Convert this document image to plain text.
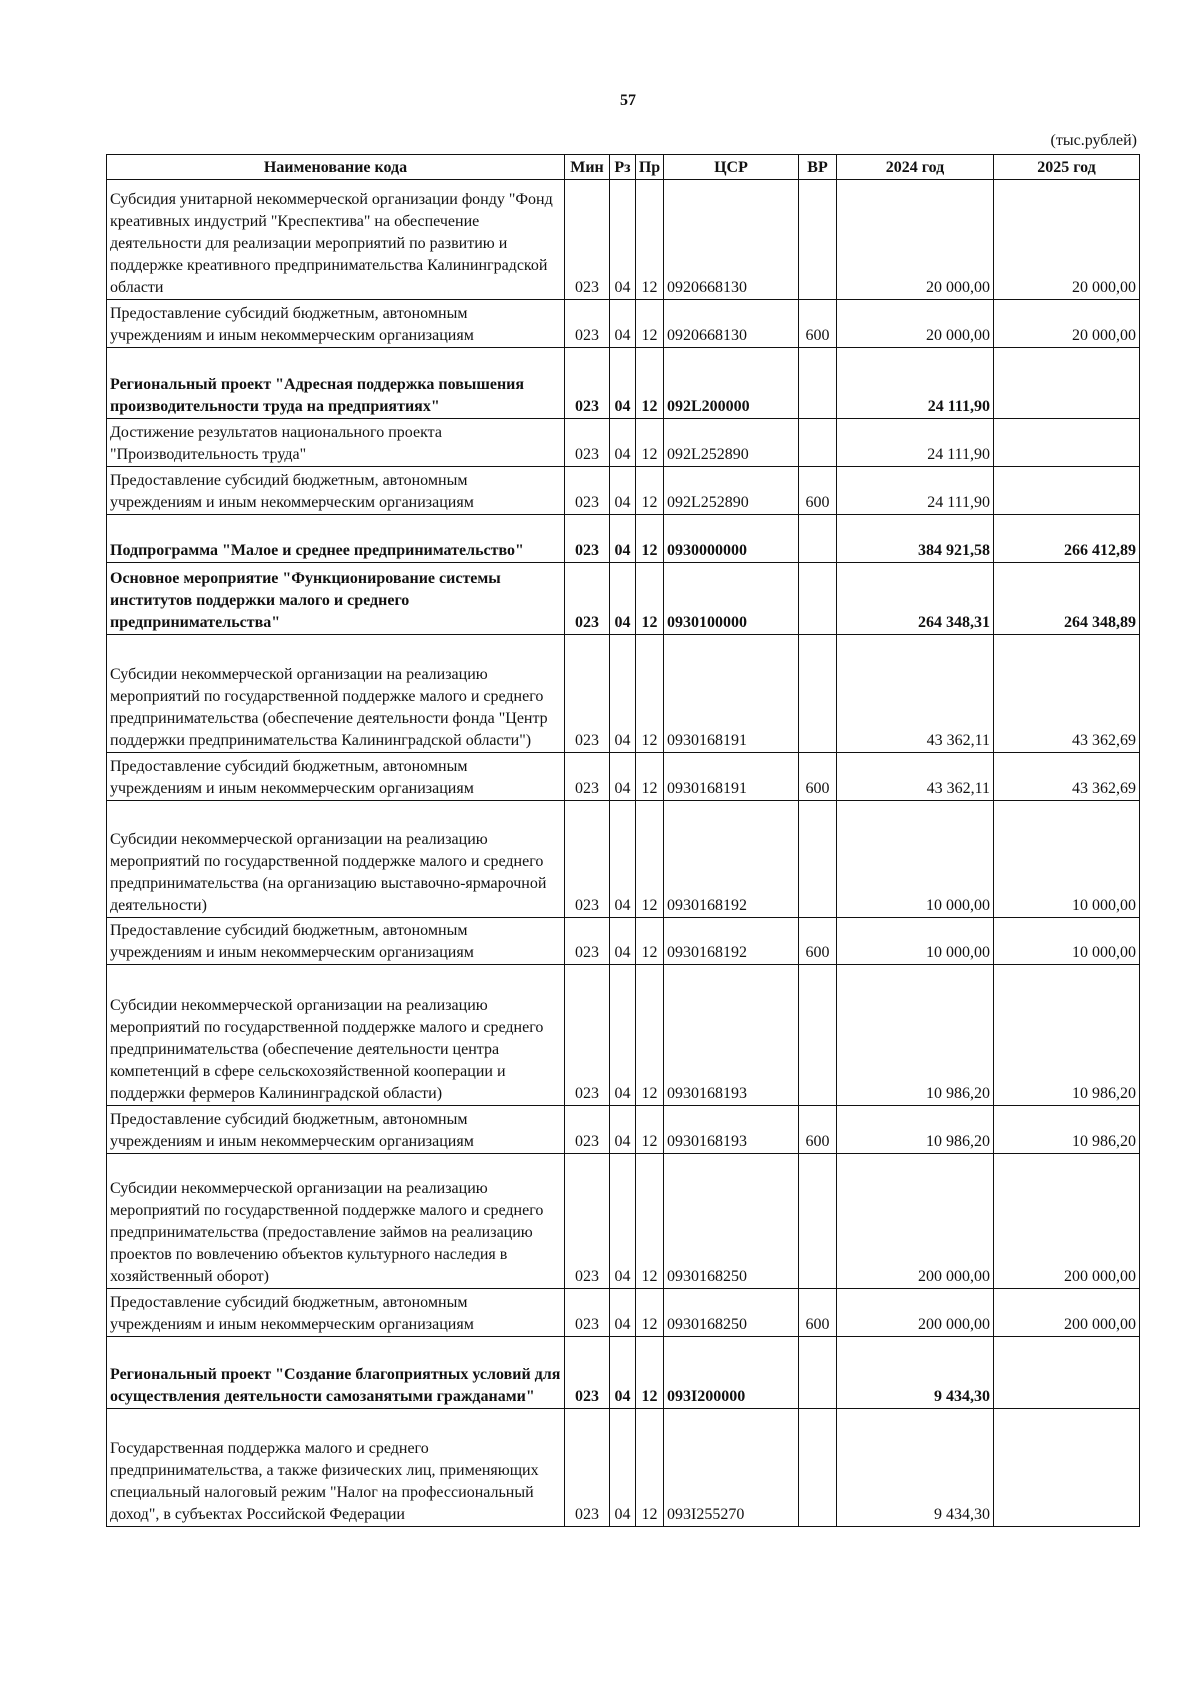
57
(тыс.рублей)
Наименование кода	Мин	Рз	Пр	ЦСР	ВР	2024 год	2025 год
Субсидия унитарной некоммерческой организации фонду "Фонд креативных индустрий "Креспектива" на обеспечение деятельности для реализации мероприятий по развитию и поддержке креативного предпринимательства Калининградской области	023	04	12	0920668130		20 000,00	20 000,00
Предоставление субсидий бюджетным, автономным учреждениям и иным некоммерческим организациям	023	04	12	0920668130	600	20 000,00	20 000,00
Региональный проект "Адресная поддержка повышения производительности труда на предприятиях"	023	04	12	092L200000		24 111,90	
Достижение результатов национального проекта "Производительность труда"	023	04	12	092L252890		24 111,90	
Предоставление субсидий бюджетным, автономным учреждениям и иным некоммерческим организациям	023	04	12	092L252890	600	24 111,90	
Подпрограмма "Малое и среднее предпринимательство"	023	04	12	0930000000		384 921,58	266 412,89
Основное мероприятие "Функционирование системы институтов поддержки малого и среднего предпринимательства"	023	04	12	0930100000		264 348,31	264 348,89
Субсидии некоммерческой организации на реализацию мероприятий по государственной поддержке малого и среднего предпринимательства (обеспечение деятельности фонда "Центр поддержки предпринимательства Калининградской области")	023	04	12	0930168191		43 362,11	43 362,69
Предоставление субсидий бюджетным, автономным учреждениям и иным некоммерческим организациям	023	04	12	0930168191	600	43 362,11	43 362,69
Субсидии некоммерческой организации на реализацию мероприятий по государственной поддержке малого и среднего предпринимательства (на организацию выставочно-ярмарочной деятельности)	023	04	12	0930168192		10 000,00	10 000,00
Предоставление субсидий бюджетным, автономным учреждениям и иным некоммерческим организациям	023	04	12	0930168192	600	10 000,00	10 000,00
Субсидии некоммерческой организации на реализацию мероприятий по государственной поддержке малого и среднего предпринимательства (обеспечение деятельности центра компетенций в сфере сельскохозяйственной кооперации и поддержки фермеров Калининградской области)	023	04	12	0930168193		10 986,20	10 986,20
Предоставление субсидий бюджетным, автономным учреждениям и иным некоммерческим организациям	023	04	12	0930168193	600	10 986,20	10 986,20
Субсидии некоммерческой организации на реализацию мероприятий по государственной поддержке малого и среднего предпринимательства (предоставление займов на реализацию проектов по вовлечению объектов культурного наследия в хозяйственный оборот)	023	04	12	0930168250		200 000,00	200 000,00
Предоставление субсидий бюджетным, автономным учреждениям и иным некоммерческим организациям	023	04	12	0930168250	600	200 000,00	200 000,00
Региональный проект "Создание благоприятных условий для осуществления деятельности самозанятыми гражданами"	023	04	12	093I200000		9 434,30	
Государственная поддержка малого и среднего предпринимательства, а также физических лиц, применяющих специальный налоговый режим "Налог на профессиональный доход", в субъектах Российской Федерации	023	04	12	093I255270		9 434,30	
